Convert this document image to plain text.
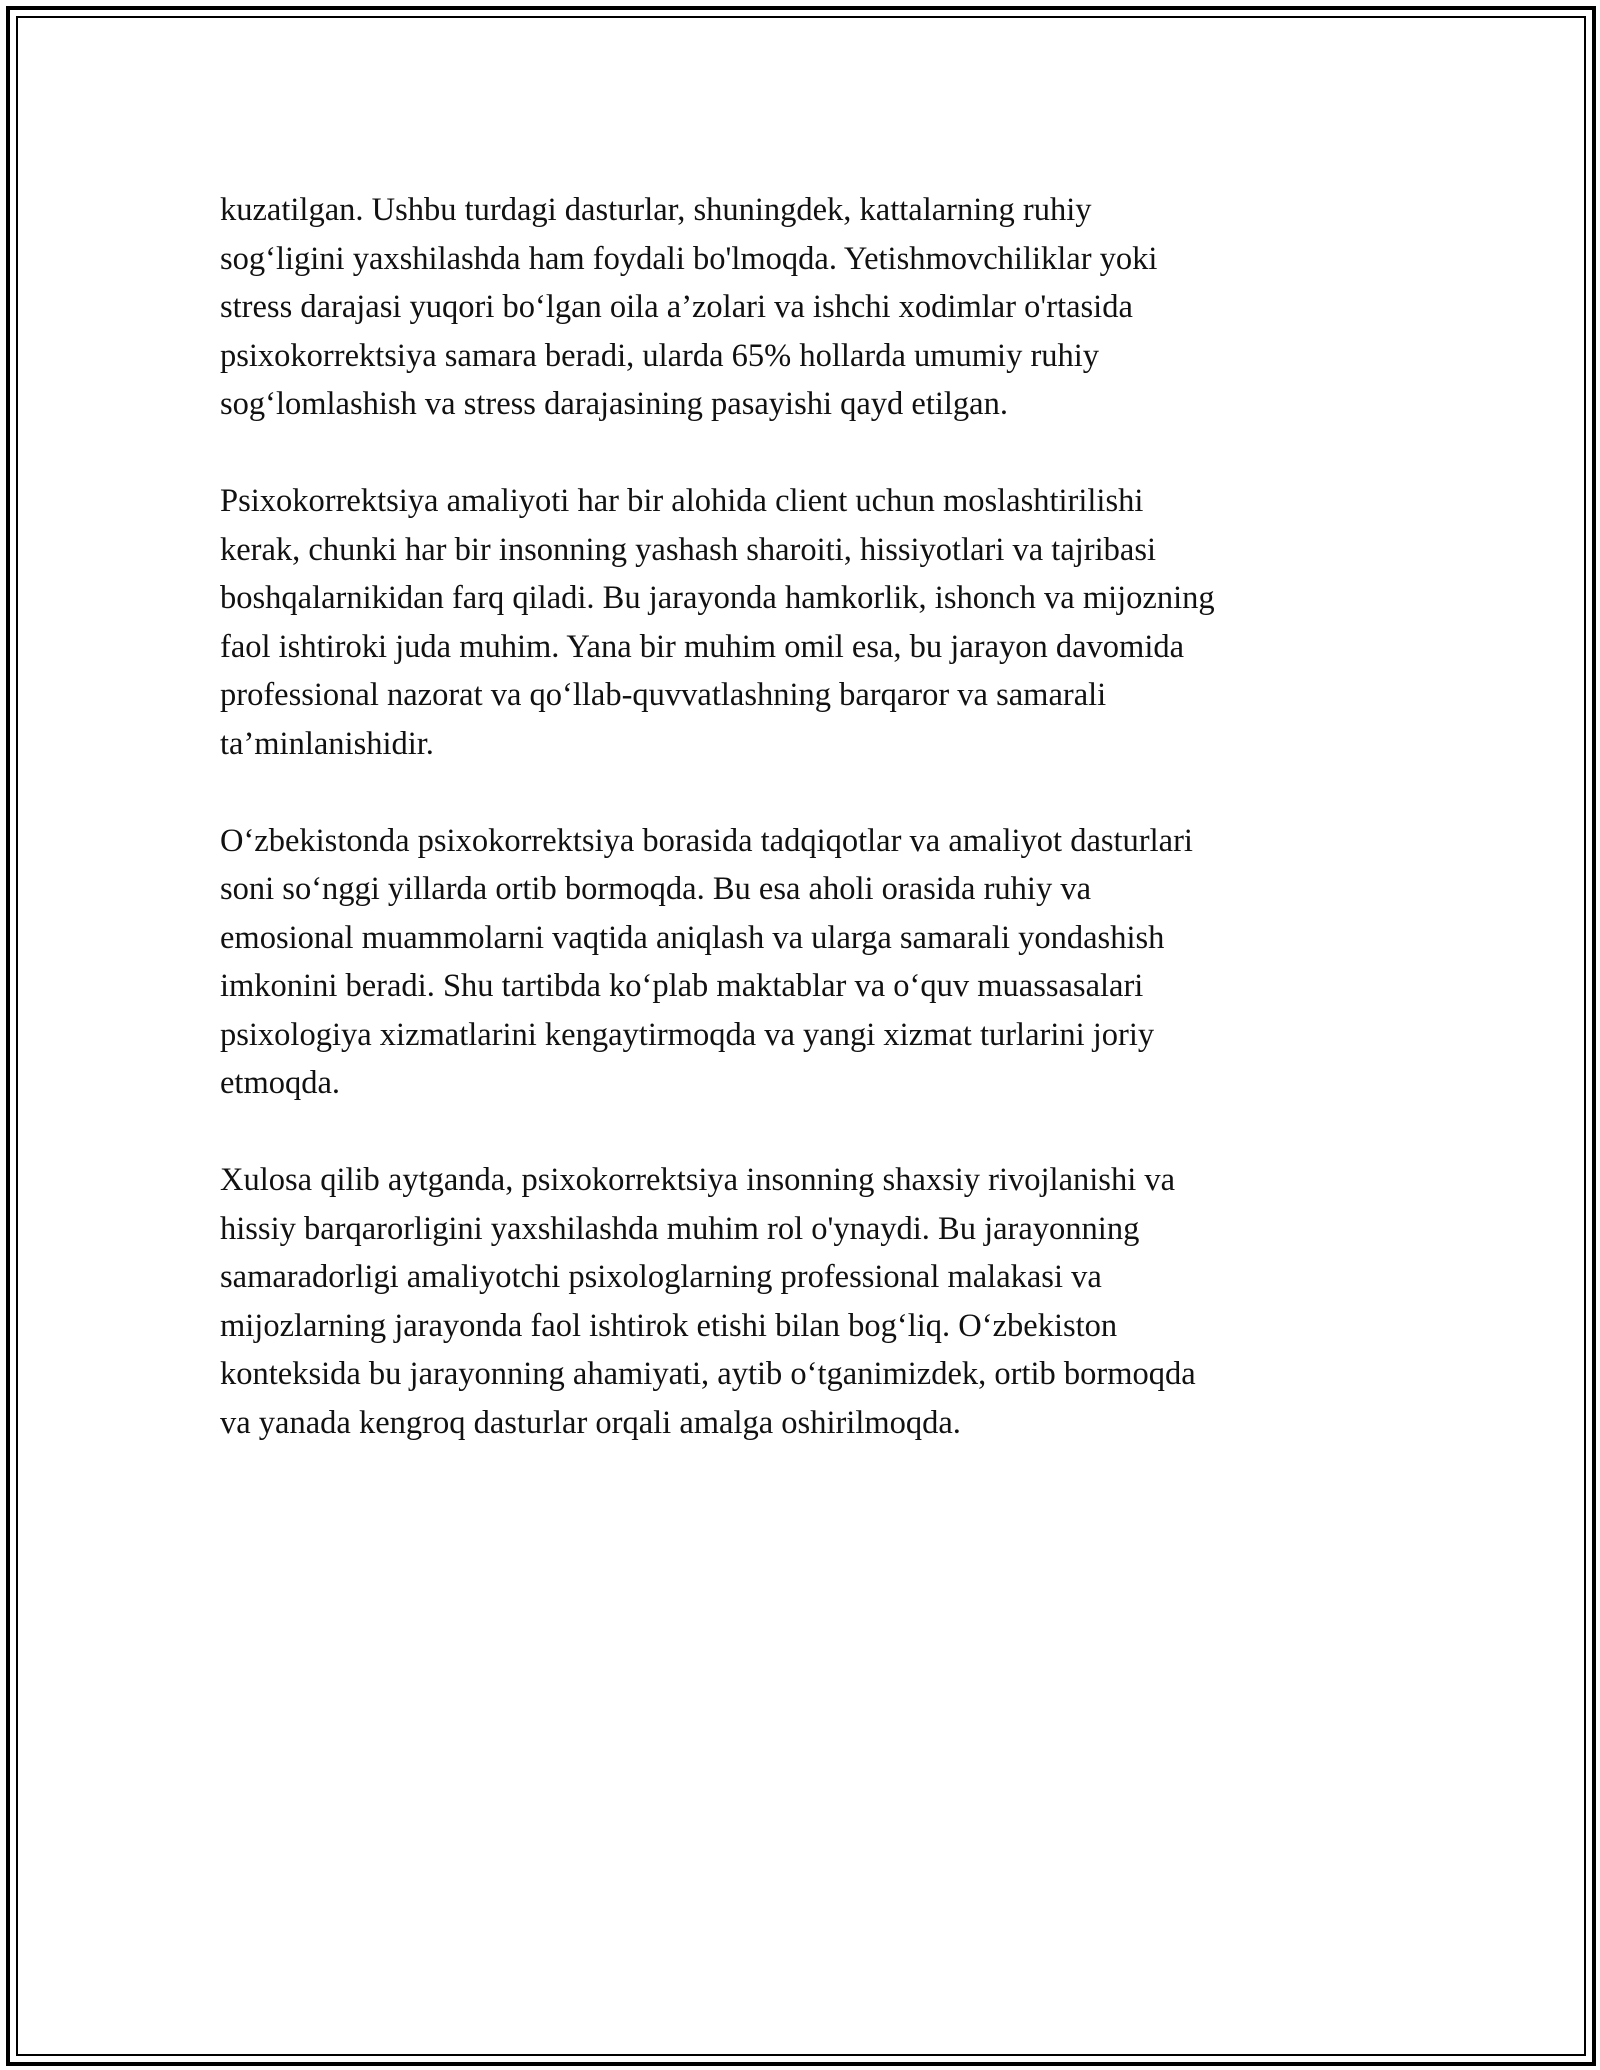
kuzatilgan. Ushbu turdagi dasturlar, shuningdek, kattalarning ruhiy
sog‘ligini yaxshilashda ham foydali bo'lmoqda. Yetishmovchiliklar yoki
stress darajasi yuqori bo‘lgan oila a’zolari va ishchi xodimlar o'rtasida
psixokorrektsiya samara beradi, ularda 65% hollarda umumiy ruhiy
sog‘lomlashish va stress darajasining pasayishi qayd etilgan.

Psixokorrektsiya amaliyoti har bir alohida client uchun moslashtirilishi
kerak, chunki har bir insonning yashash sharoiti, hissiyotlari va tajribasi
boshqalarnikidan farq qiladi. Bu jarayonda hamkorlik, ishonch va mijozning
faol ishtiroki juda muhim. Yana bir muhim omil esa, bu jarayon davomida
professional nazorat va qo‘llab-quvvatlashning barqaror va samarali
ta’minlanishidir.

O‘zbekistonda psixokorrektsiya borasida tadqiqotlar va amaliyot dasturlari
soni so‘nggi yillarda ortib bormoqda. Bu esa aholi orasida ruhiy va
emosional muammolarni vaqtida aniqlash va ularga samarali yondashish
imkonini beradi. Shu tartibda ko‘plab maktablar va o‘quv muassasalari
psixologiya xizmatlarini kengaytirmoqda va yangi xizmat turlarini joriy
etmoqda.

Xulosa qilib aytganda, psixokorrektsiya insonning shaxsiy rivojlanishi va
hissiy barqarorligini yaxshilashda muhim rol o'ynaydi. Bu jarayonning
samaradorligi amaliyotchi psixologlarning professional malakasi va
mijozlarning jarayonda faol ishtirok etishi bilan bog‘liq. O‘zbekiston
konteksida bu jarayonning ahamiyati, aytib o‘tganimizdek, ortib bormoqda
va yanada kengroq dasturlar orqali amalga oshirilmoqda.
